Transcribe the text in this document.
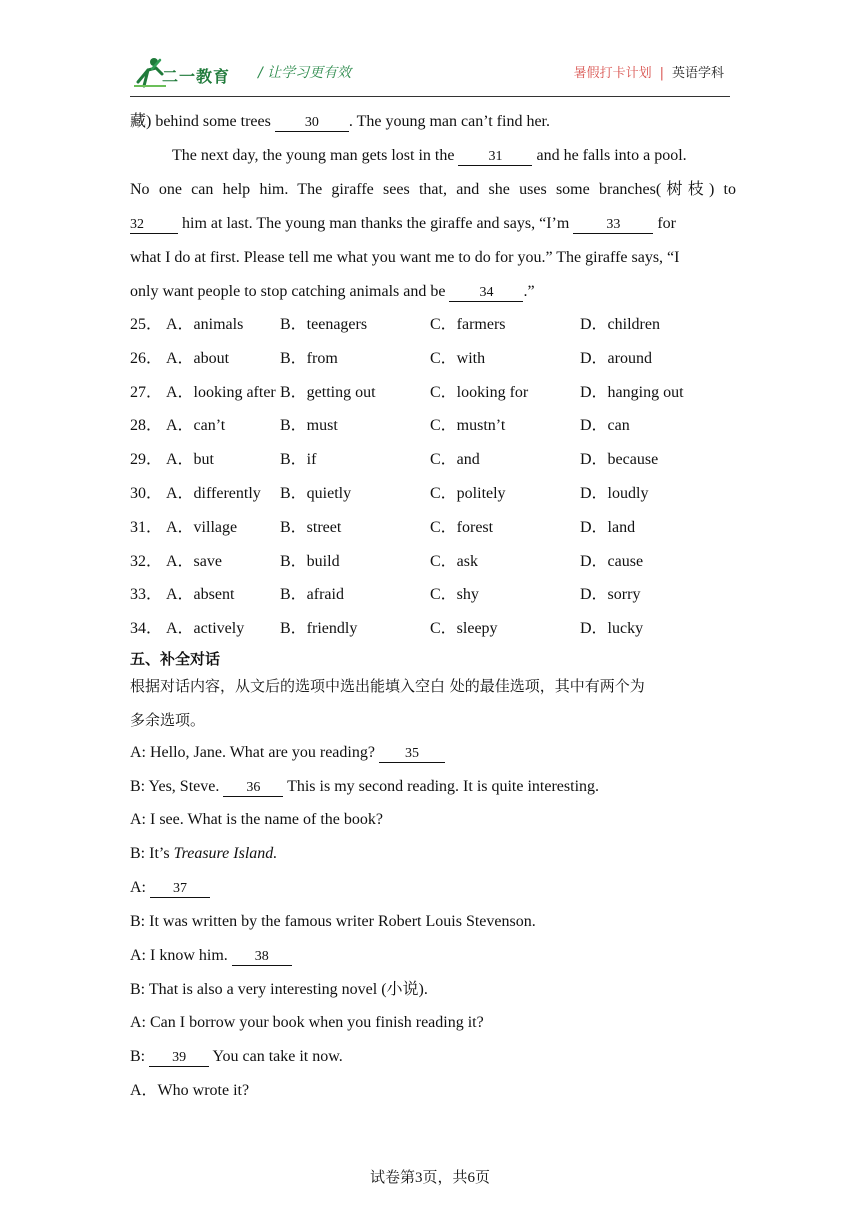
二一教育 / 让学习更有效	暑假打卡计划 | 英语学科
藏) behind some trees 30 . The young man can’t find her.
The next day, the young man gets lost in the 31 and he falls into a pool.
No one can help him. The giraffe sees that, and she uses some branches(树枝) to
32 him at last. The young man thanks the giraffe and says, “I’m 33 for
what I do at first. Please tell me what you want me to do for you.” The giraffe says, “I
only want people to stop catching animals and be 34 .”
25． A．animals B．teenagers	C．farmers	D．children
26． A．about	B．from	C．with	D．around
27． A．looking after B．getting out	C．looking for	D．hanging out
28． A．can’t	B．must	C．mustn’t	D．can
29． A．but	B．if	C．and	D．because
30． A．differently B．quietly	C．politely	D．loudly
31． A．village	B．street	C．forest	D．land
32． A．save	B．build	C．ask	D．cause
33． A．absent	B．afraid	C．shy	D．sorry
34． A．actively B．friendly	C．sleepy	D．lucky
五、补全对话
根据对话内容，从文后的选项中选出能填入空白 处的最佳选项，其中有两个为
多余选项。
A: Hello, Jane. What are you reading? 35
B: Yes, Steve. 36 This is my second reading. It is quite interesting.
A: I see. What is the name of the book?
B: It’s Treasure Island.
A: 37
B: It was written by the famous writer Robert Louis Stevenson.
A: I know him. 38
B: That is also a very interesting novel (小说).
A: Can I borrow your book when you finish reading it?
B: 39 You can take it now.
A．Who wrote it?
试卷第3页，共6页
